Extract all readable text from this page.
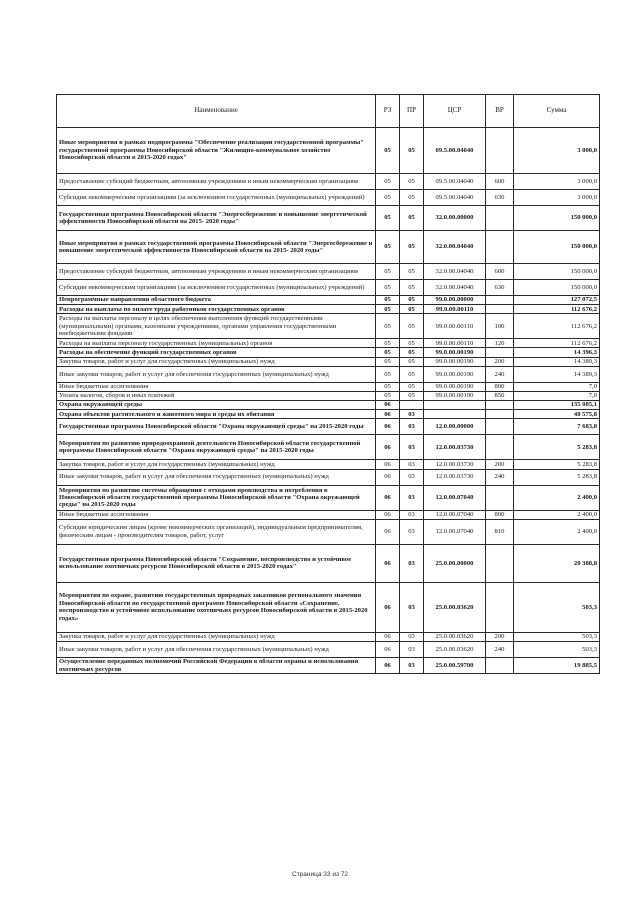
Наименование	РЗ	ПР	ЦСР	ВР	Сумма
Иные мероприятия в рамках подпрограммы "Обеспечение реализации государственной программы" государственной программы Новосибирской области "Жилищно-коммунальное хозяйство Новосибирской области в 2015-2020 годах"	05	05	09.5.00.04040		3 000,0
Предоставление субсидий бюджетным, автономным учреждениям и иным некоммерческим организациям	05	05	09.5.00.04040	600	3 000,0
Субсидии некоммерческим организациям (за исключением государственных (муниципальных) учреждений)	05	05	09.5.00.04040	630	3 000,0
Государственная программа Новосибирской области "Энергосбережение и повышение энергетической эффективности Новосибирской области на 2015- 2020 годы"	05	05	32.0.00.00000		150 000,0
Иные мероприятия в рамках государственной программы Новосибирской области "Энергосбережение и повышение энергетической эффективности Новосибирской области на 2015- 2020 годы"	05	05	32.0.00.04040		150 000,0
Предоставление субсидий бюджетным, автономным учреждениям и иным некоммерческим организациям	05	05	32.0.00.04040	600	150 000,0
Субсидии некоммерческим организациям (за исключением государственных (муниципальных) учреждений)	05	05	32.0.00.04040	630	150 000,0
Непрограммные направления областного бюджета	05	05	99.0.00.00000		127 072,5
Расходы на выплаты по оплате труда работников государственных органов	05	05	99.0.00.00110		112 676,2
Расходы на выплаты персоналу в целях обеспечения выполнения функций государственными (муниципальными) органами, казенными учреждениями, органами управления государственными внебюджетными фондами	05	05	99.0.00.00110	100	112 676,2
Расходы на выплаты персоналу государственных (муниципальных) органов	05	05	99.0.00.00110	120	112 676,2
Расходы на обеспечение функций государственных органов	05	05	99.0.00.00190		14 396,3
Закупка товаров, работ и услуг для государственных (муниципальных) нужд	05	05	99.0.00.00190	200	14 389,3
Иные закупки товаров, работ и услуг для обеспечения государственных (муниципальных) нужд	05	05	99.0.00.00190	240	14 389,3
Иные бюджетные ассигнования	05	05	99.0.00.00190	800	7,0
Уплата налогов, сборов и иных платежей	05	05	99.0.00.00190	850	7,0
Охрана окружающей среды	06				135 085,1
Охрана объектов растительного и животного мира и среды их обитания	06	03			48 575,8
Государственная программа Новосибирской области "Охрана окружающей среды" на 2015-2020 годы	06	03	12.0.00.00000		7 683,8
Мероприятия по развитию природоохранной деятельности Новосибирской области государственной программы Новосибирской области "Охрана окружающей среды" на 2015-2020 годы	06	03	12.0.00.03730		5 283,8
Закупка товаров, работ и услуг для государственных (муниципальных) нужд	06	03	12.0.00.03730	200	5 283,8
Иные закупки товаров, работ и услуг для обеспечения государственных (муниципальных) нужд	06	03	12.0.00.03730	240	5 283,8
Мероприятия по развитию системы обращения с отходами производства и потребления в Новосибирской области государственной программы Новосибирской области "Охрана окружающей среды" на 2015-2020 годы	06	03	12.0.00.07040		2 400,0
Иные бюджетные ассигнования	06	03	12.0.00.07040	800	2 400,0
Субсидии юридическим лицам (кроме некоммерческих организаций), индивидуальным предпринимателям, физическим лицам - производителям товаров, работ, услуг	06	03	12.0.00.07040	810	2 400,0
Государственная программа Новосибирской области "Сохранение, воспроизводство и устойчивое использование охотничьих ресурсов Новосибирской области в 2015-2020 годах"	06	03	25.0.00.00000		20 388,8
Мероприятия по охране, развитию государственных природных заказников регионального значения Новосибирской области по государственной программе Новосибирской области «Сохранение, воспроизводство и устойчивое использование охотничьих ресурсов Новосибирской области в 2015-2020 годах»	06	03	25.0.00.03620		503,3
Закупка товаров, работ и услуг для государственных (муниципальных) нужд	06	03	25.0.00.03620	200	503,3
Иные закупки товаров, работ и услуг для обеспечения государственных (муниципальных) нужд	06	03	25.0.00.03620	240	503,3
Осуществление переданных полномочий Российской Федерации в области охраны и использования охотничьих ресурсов	06	03	25.0.00.59700		19 885,5
Страница 33 из 72
